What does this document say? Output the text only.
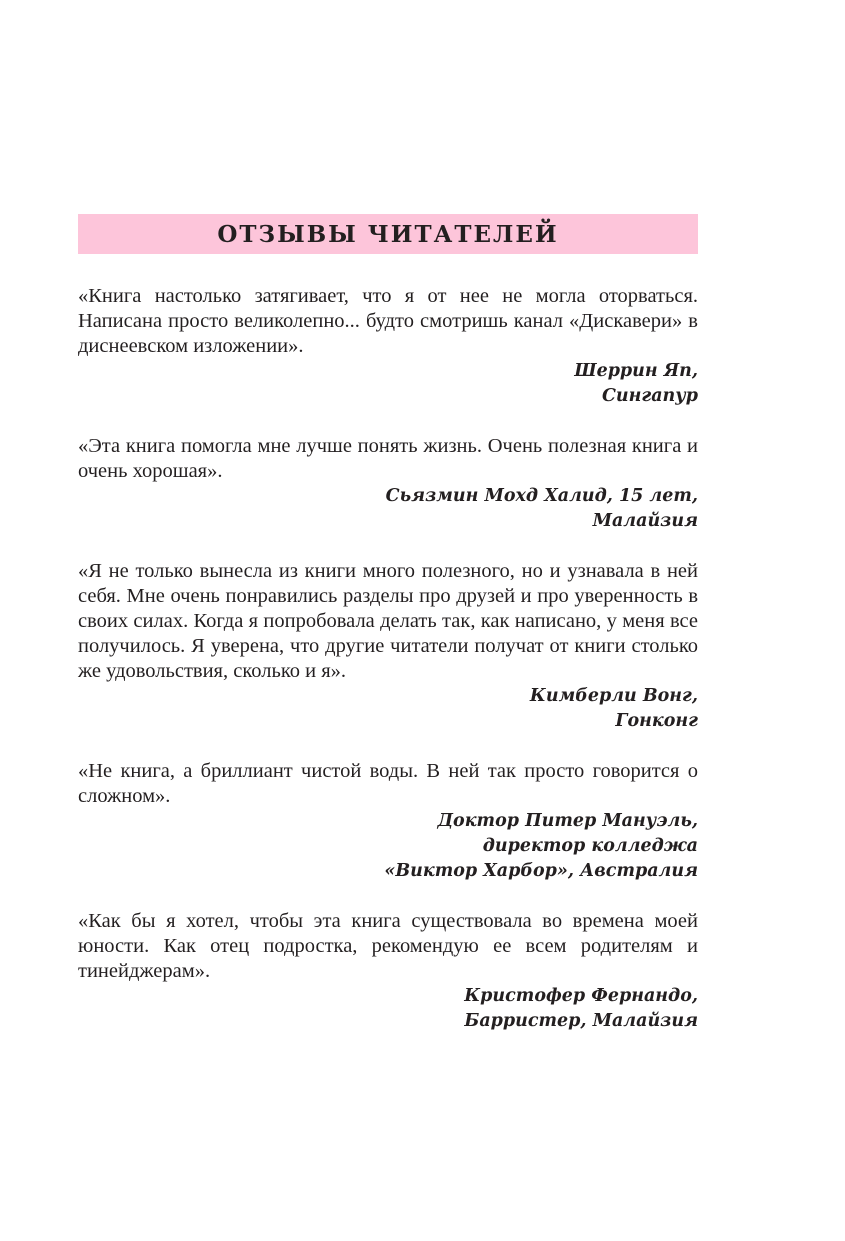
ОТЗЫВЫ ЧИТАТЕЛЕЙ

«Книга настолько затягивает, что я от нее не могла оторваться. Написана просто великолепно... будто смотришь канал «Дискавери» в диснеевском изложении».

Шеррин Яп,
Сингапур

«Эта книга помогла мне лучше понять жизнь. Очень полезная книга и очень хорошая».

Сьязмин Мохд Халид, 15 лет,
Малайзия

«Я не только вынесла из книги много полезного, но и узнавала в ней себя. Мне очень понравились разделы про друзей и про уверенность в своих силах. Когда я попробовала делать так, как написано, у меня все получилось. Я уверена, что другие читатели получат от книги столько же удовольствия, сколько и я».

Кимберли Вонг,
Гонконг

«Не книга, а бриллиант чистой воды. В ней так просто говорится о сложном».

Доктор Питер Мануэль,
директор колледжа
«Виктор Харбор», Австралия

«Как бы я хотел, чтобы эта книга существовала во времена моей юности. Как отец подростка, рекомендую ее всем родителям и тинейджерам».

Кристофер Фернандо,
Барристер, Малайзия
